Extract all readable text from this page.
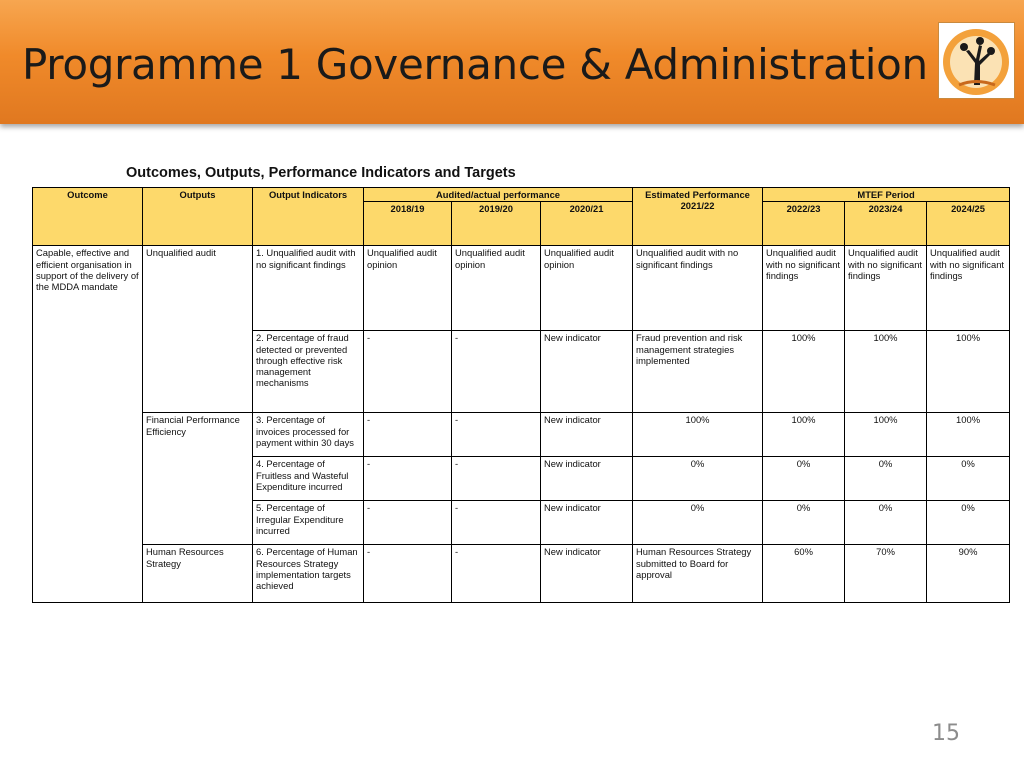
Programme 1 Governance & Administration
Outcomes, Outputs, Performance Indicators and Targets
Outcome	Outputs	Output Indicators	Audited/actual performance			Estimated Performance 2021/22	MTEF Period		
			2018/19	2019/20	2020/21		2022/23	2023/24	2024/25
Capable, effective and efficient organisation in support of the delivery of the MDDA mandate	Unqualified audit	1. Unqualified audit with no significant findings	Unqualified audit opinion	Unqualified audit opinion	Unqualified audit opinion	Unqualified audit with no significant findings	Unqualified audit with no significant findings	Unqualified audit with no significant findings	Unqualified audit with no significant findings
		2. Percentage of fraud detected or prevented through effective risk management mechanisms	-	-	New indicator	Fraud prevention and risk management strategies implemented	100%	100%	100%
	Financial Performance Efficiency	3. Percentage of invoices processed for payment within 30 days	-	-	New indicator	100%	100%	100%	100%
		4. Percentage of Fruitless and Wasteful Expenditure incurred	-	-	New indicator	0%	0%	0%	0%
		5. Percentage of Irregular Expenditure incurred	-	-	New indicator	0%	0%	0%	0%
	Human Resources Strategy	6. Percentage of Human Resources Strategy implementation targets achieved	-	-	New indicator	Human Resources Strategy submitted to Board for approval	60%	70%	90%
15
